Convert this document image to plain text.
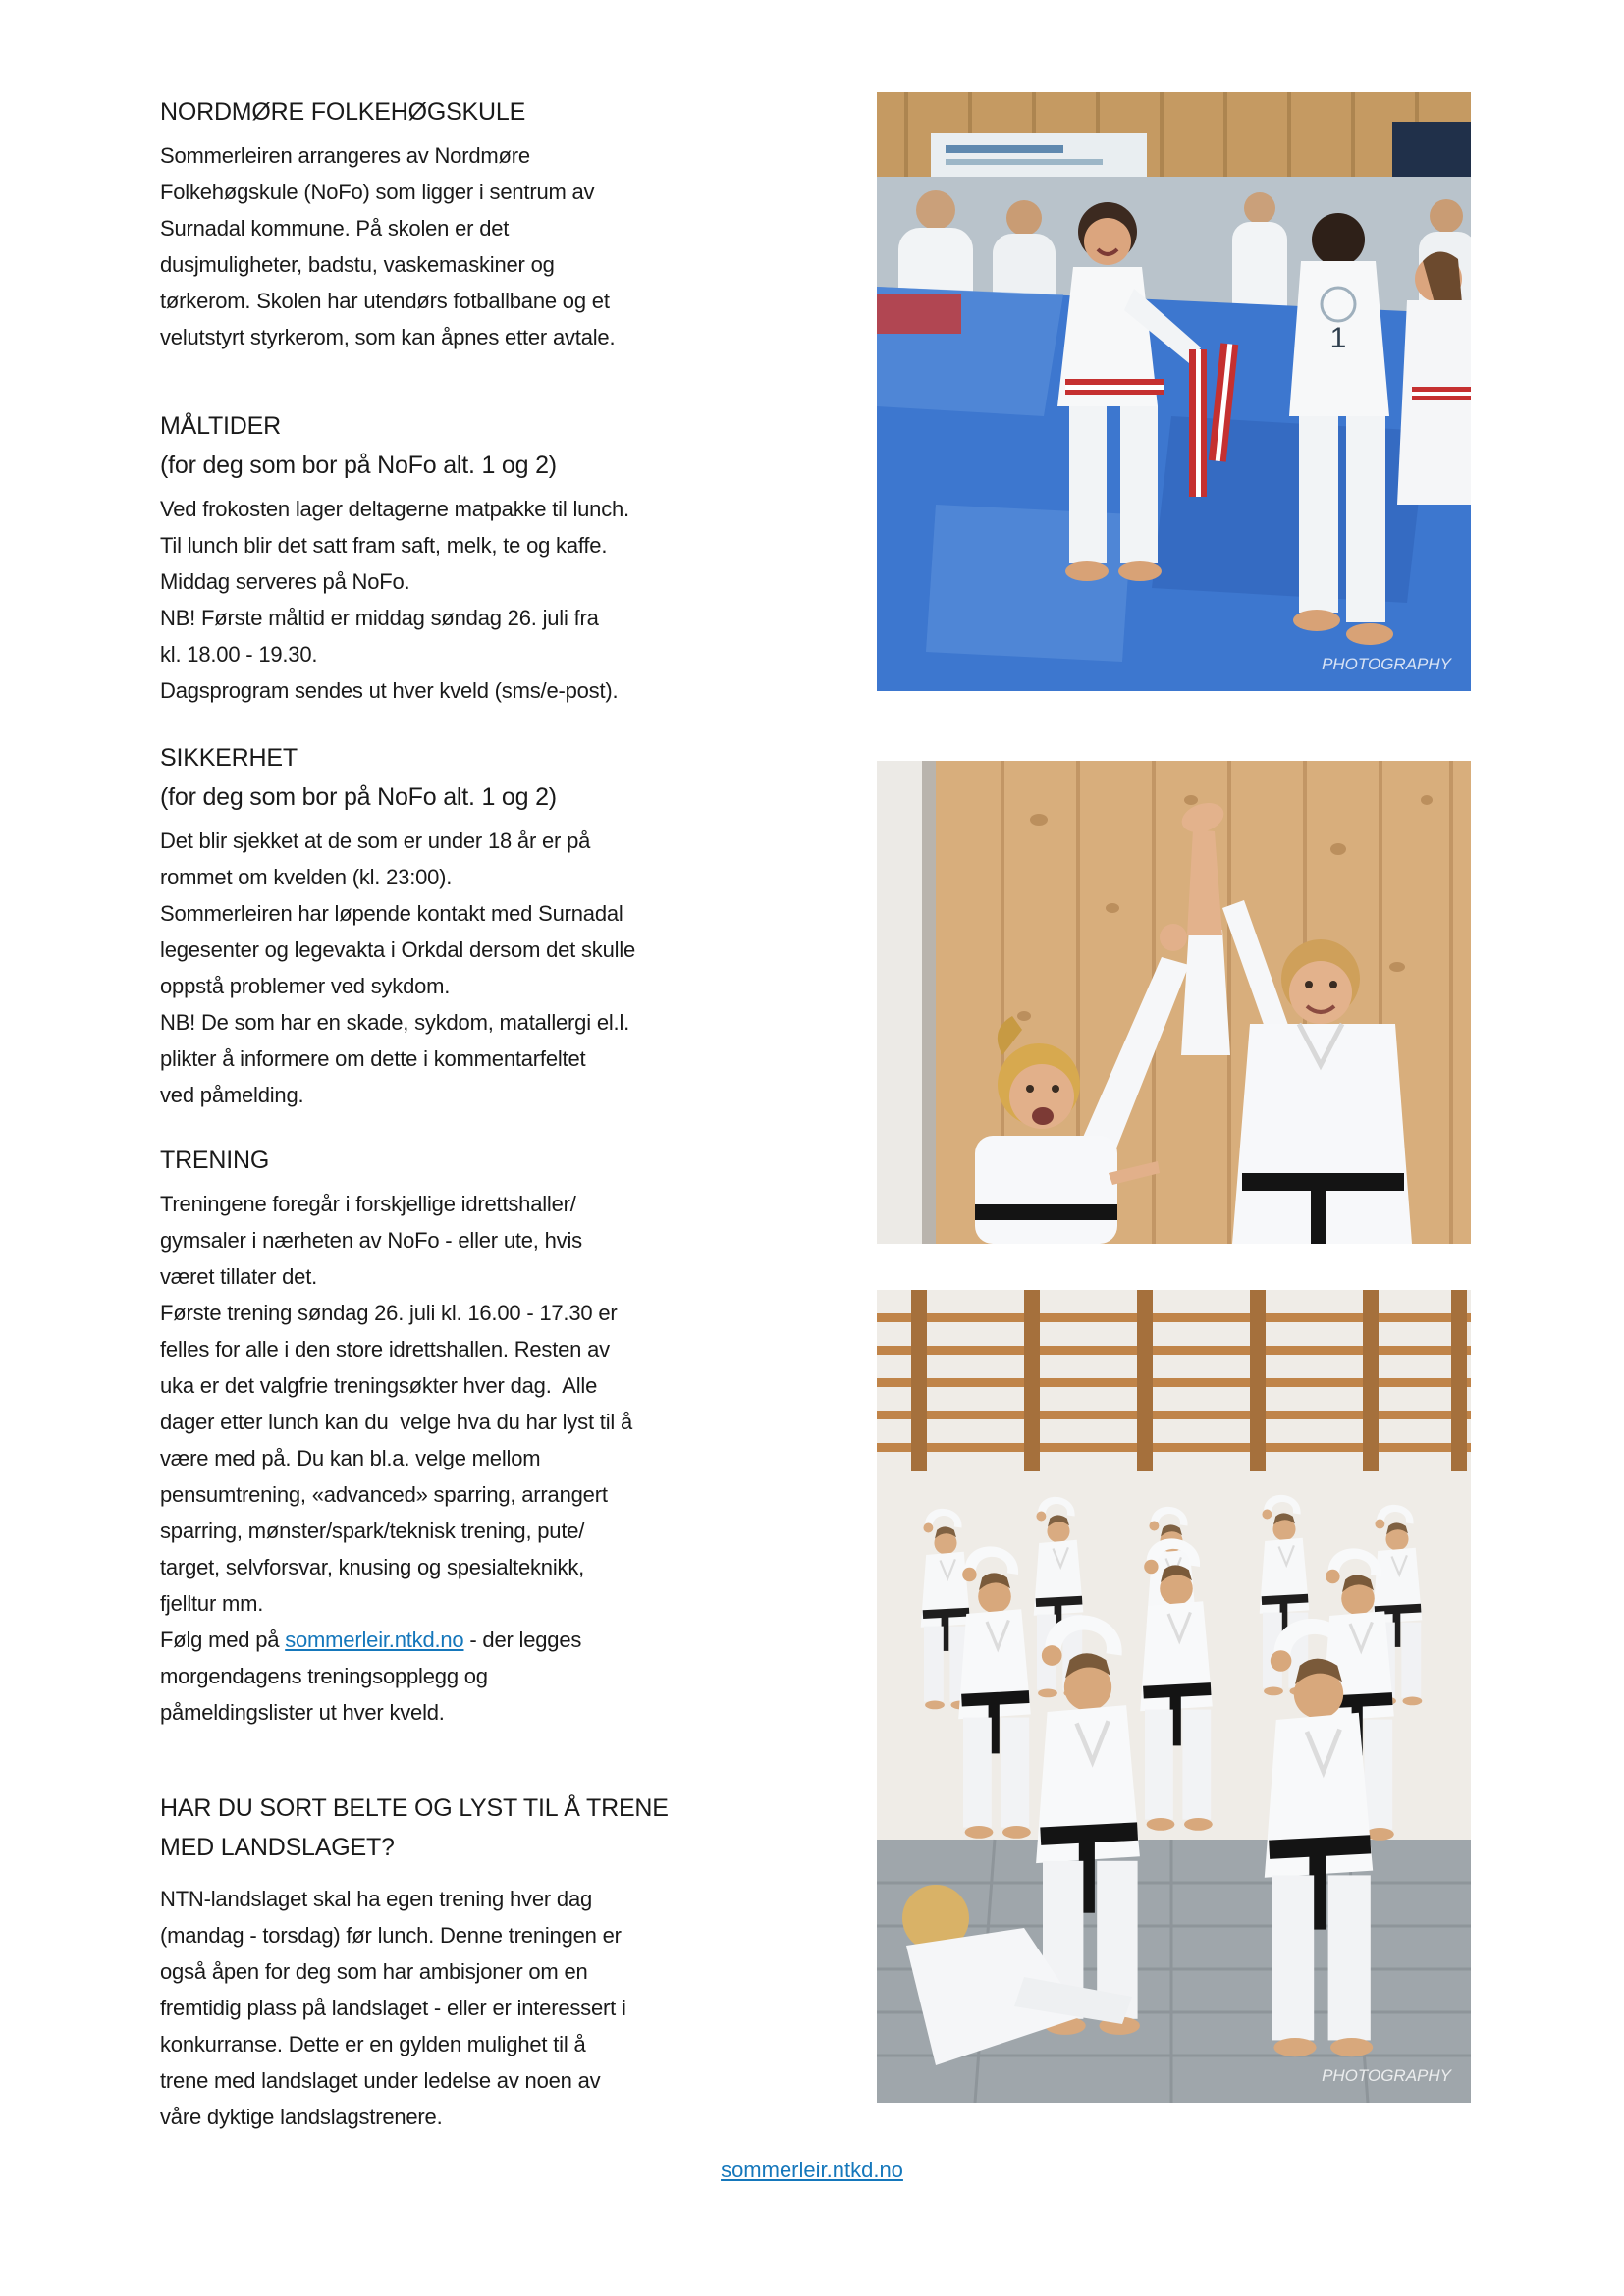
NORDMØRE FOLKEHØGSKULE
Sommerleiren arrangeres av Nordmøre
Folkehøgskule (NoFo) som ligger i sentrum av
Surnadal kommune. På skolen er det
dusjmuligheter, badstu, vaskemaskiner og
tørkerom. Skolen har utendørs fotballbane og et
velutstyrt styrkerom, som kan åpnes etter avtale.
MÅLTIDER
(for deg som bor på NoFo alt. 1 og 2)
Ved frokosten lager deltagerne matpakke til lunch.
Til lunch blir det satt fram saft, melk, te og kaffe.
Middag serveres på NoFo.
NB! Første måltid er middag søndag 26. juli fra
kl. 18.00 - 19.30.
Dagsprogram sendes ut hver kveld (sms/e-post).
SIKKERHET
(for deg som bor på NoFo alt. 1 og 2)
Det blir sjekket at de som er under 18 år er på
rommet om kvelden (kl. 23:00).
Sommerleiren har løpende kontakt med Surnadal
legesenter og legevakta i Orkdal dersom det skulle
oppstå problemer ved sykdom.
NB! De som har en skade, sykdom, matallergi el.l.
plikter å informere om dette i kommentarfeltet
ved påmelding.
TRENING
Treningene foregår i forskjellige idrettshaller/
gymsaler i nærheten av NoFo - eller ute, hvis
været tillater det.
Første trening søndag 26. juli kl. 16.00 - 17.30 er
felles for alle i den store idrettshallen. Resten av
uka er det valgfrie treningsøkter hver dag.  Alle
dager etter lunch kan du  velge hva du har lyst til å
være med på. Du kan bl.a. velge mellom
pensumtrening, «advanced» sparring, arrangert
sparring, mønster/spark/teknisk trening, pute/
target, selvforsvar, knusing og spesialteknikk,
fjelltur mm.
Følg med på sommerleir.ntkd.no - der legges
morgendagens treningsopplegg og
påmeldingslister ut hver kveld.
HAR DU SORT BELTE OG LYST TIL Å TRENE
MED LANDSLAGET?
NTN-landslaget skal ha egen trening hver dag
(mandag - torsdag) før lunch. Denne treningen er
også åpen for deg som har ambisjoner om en
fremtidig plass på landslaget - eller er interessert i
konkurranse. Dette er en gylden mulighet til å
trene med landslaget under ledelse av noen av
våre dyktige landslagstrenere.
1
PHOTOGRAPHY
PHOTOGRAPHY
sommerleir.ntkd.no
